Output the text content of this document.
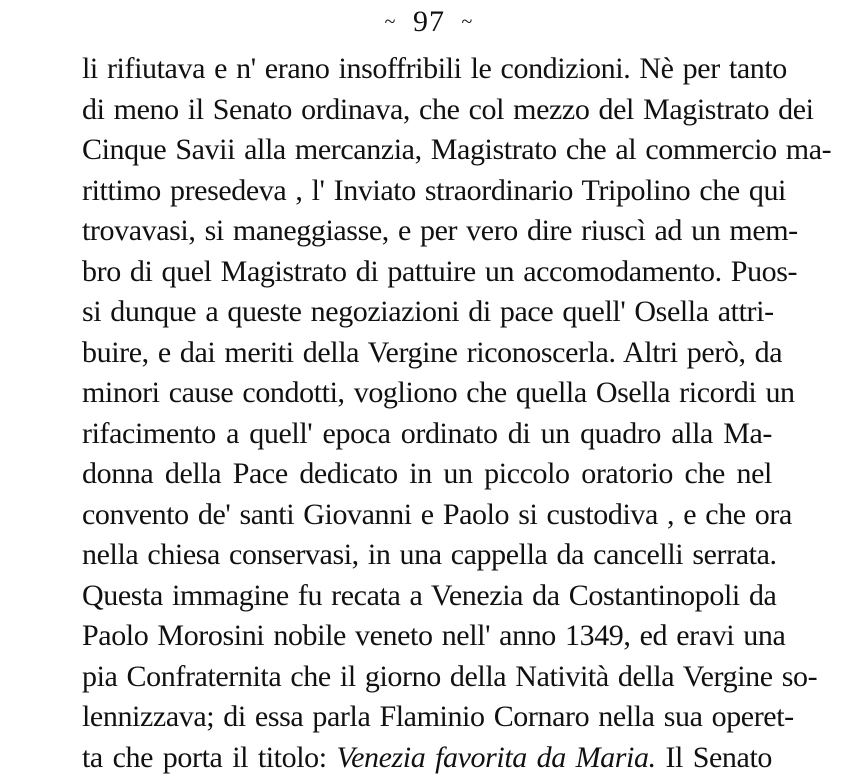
~ 97 ~
li rifiutava e n' erano insoffribili le condizioni. Nè per tanto
di meno il Senato ordinava, che col mezzo del Magistrato dei
Cinque Savii alla mercanzia, Magistrato che al commercio ma-
rittimo presedeva , l' Inviato straordinario Tripolino che qui
trovavasi, si maneggiasse, e per vero dire riuscì ad un mem-
bro di quel Magistrato di pattuire un accomodamento. Puos-
si dunque a queste negoziazioni di pace quell' Osella attri-
buire, e dai meriti della Vergine riconoscerla. Altri però, da
minori cause condotti, vogliono che quella Osella ricordi un
rifacimento a quell' epoca ordinato di un quadro alla Ma-
donna della Pace dedicato in un piccolo oratorio che nel
convento de' santi Giovanni e Paolo si custodiva , e che ora
nella chiesa conservasi, in una cappella da cancelli serrata.
Questa immagine fu recata a Venezia da Costantinopoli da
Paolo Morosini nobile veneto nell' anno 1349, ed eravi una
pia Confraternita che il giorno della Natività della Vergine so-
lennizzava; di essa parla Flaminio Cornaro nella sua operet-
ta che porta il titolo: Venezia favorita da Maria. Il Senato
